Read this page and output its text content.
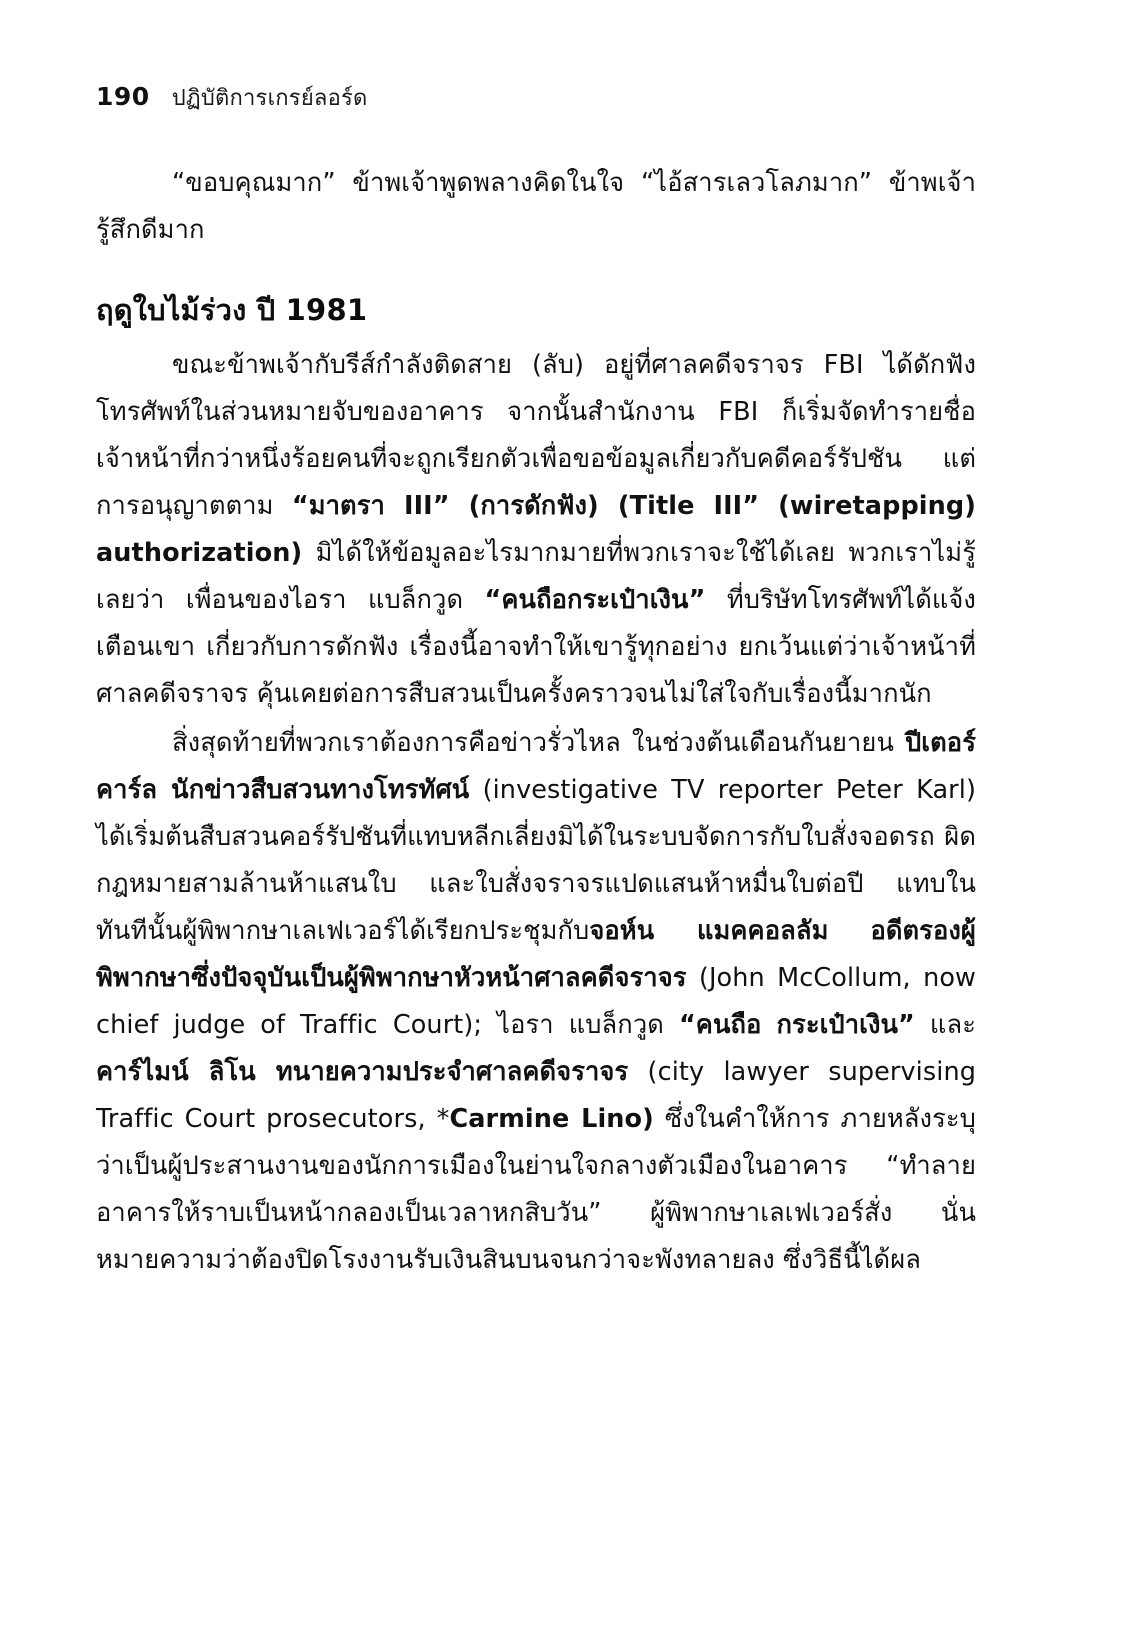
190 ปฏิบัติการเกรย์ลอร์ด

“ขอบคุณมาก” ข้าพเจ้าพูดพลางคิดในใจ “ไอ้สารเลวโลภมาก” ข้าพเจ้า รู้สึกดีมาก

ฤดูใบไม้ร่วง ปี 1981

ขณะข้าพเจ้ากับรีส์กำลังติดสาย (ลับ) อยู่ที่ศาลคดีจราจร FBI ได้ดักฟัง โทรศัพท์ในส่วนหมายจับของอาคาร จากนั้นสำนักงาน FBI ก็เริ่มจัดทำรายชื่อ เจ้าหน้าที่กว่าหนึ่งร้อยคนที่จะถูกเรียกตัวเพื่อขอข้อมูลเกี่ยวกับคดีคอร์รัปชัน แต่การอนุญาตตาม “มาตรา III” (การดักฟัง) (Title III” (wiretapping) authorization) มิได้ให้ข้อมูลอะไรมากมายที่พวกเราจะใช้ได้เลย พวกเราไม่รู้เลยว่า เพื่อนของไอรา แบล็กวูด “คนถือกระเป๋าเงิน” ที่บริษัทโทรศัพท์ได้แจ้งเตือนเขา เกี่ยวกับการดักฟัง เรื่องนี้อาจทำให้เขารู้ทุกอย่าง ยกเว้นแต่ว่าเจ้าหน้าที่ศาลคดีจราจร คุ้นเคยต่อการสืบสวนเป็นครั้งคราวจนไม่ใส่ใจกับเรื่องนี้มากนัก

สิ่งสุดท้ายที่พวกเราต้องการคือข่าวรั่วไหล ในช่วงต้นเดือนกันยายน ปีเตอร์ คาร์ล นักข่าวสืบสวนทางโทรทัศน์ (investigative TV reporter Peter Karl) ได้เริ่มต้นสืบสวนคอร์รัปชันที่แทบหลีกเลี่ยงมิได้ในระบบจัดการกับใบสั่งจอดรถ ผิดกฎหมายสามล้านห้าแสนใบ และใบสั่งจราจรแปดแสนห้าหมื่นใบต่อปี แทบในทันทีนั้นผู้พิพากษาเลเฟเวอร์ได้เรียกประชุมกับจอห์น แมคคอลลัม อดีตรองผู้พิพากษาซึ่งปัจจุบันเป็นผู้พิพากษาหัวหน้าศาลคดีจราจร (John McCollum, now chief judge of Traffic Court); ไอรา แบล็กวูด “คนถือ กระเป๋าเงิน” และคาร์ไมน์ ลิโน ทนายความประจำศาลคดีจราจร (city lawyer supervising Traffic Court prosecutors, *Carmine Lino) ซึ่งในคำให้การ ภายหลังระบุว่าเป็นผู้ประสานงานของนักการเมืองในย่านใจกลางตัวเมืองในอาคาร “ทำลายอาคารให้ราบเป็นหน้ากลองเป็นเวลาหกสิบวัน” ผู้พิพากษาเลเฟเวอร์สั่ง นั่นหมายความว่าต้องปิดโรงงานรับเงินสินบนจนกว่าจะพังทลายลง ซึ่งวิธีนี้ได้ผล
